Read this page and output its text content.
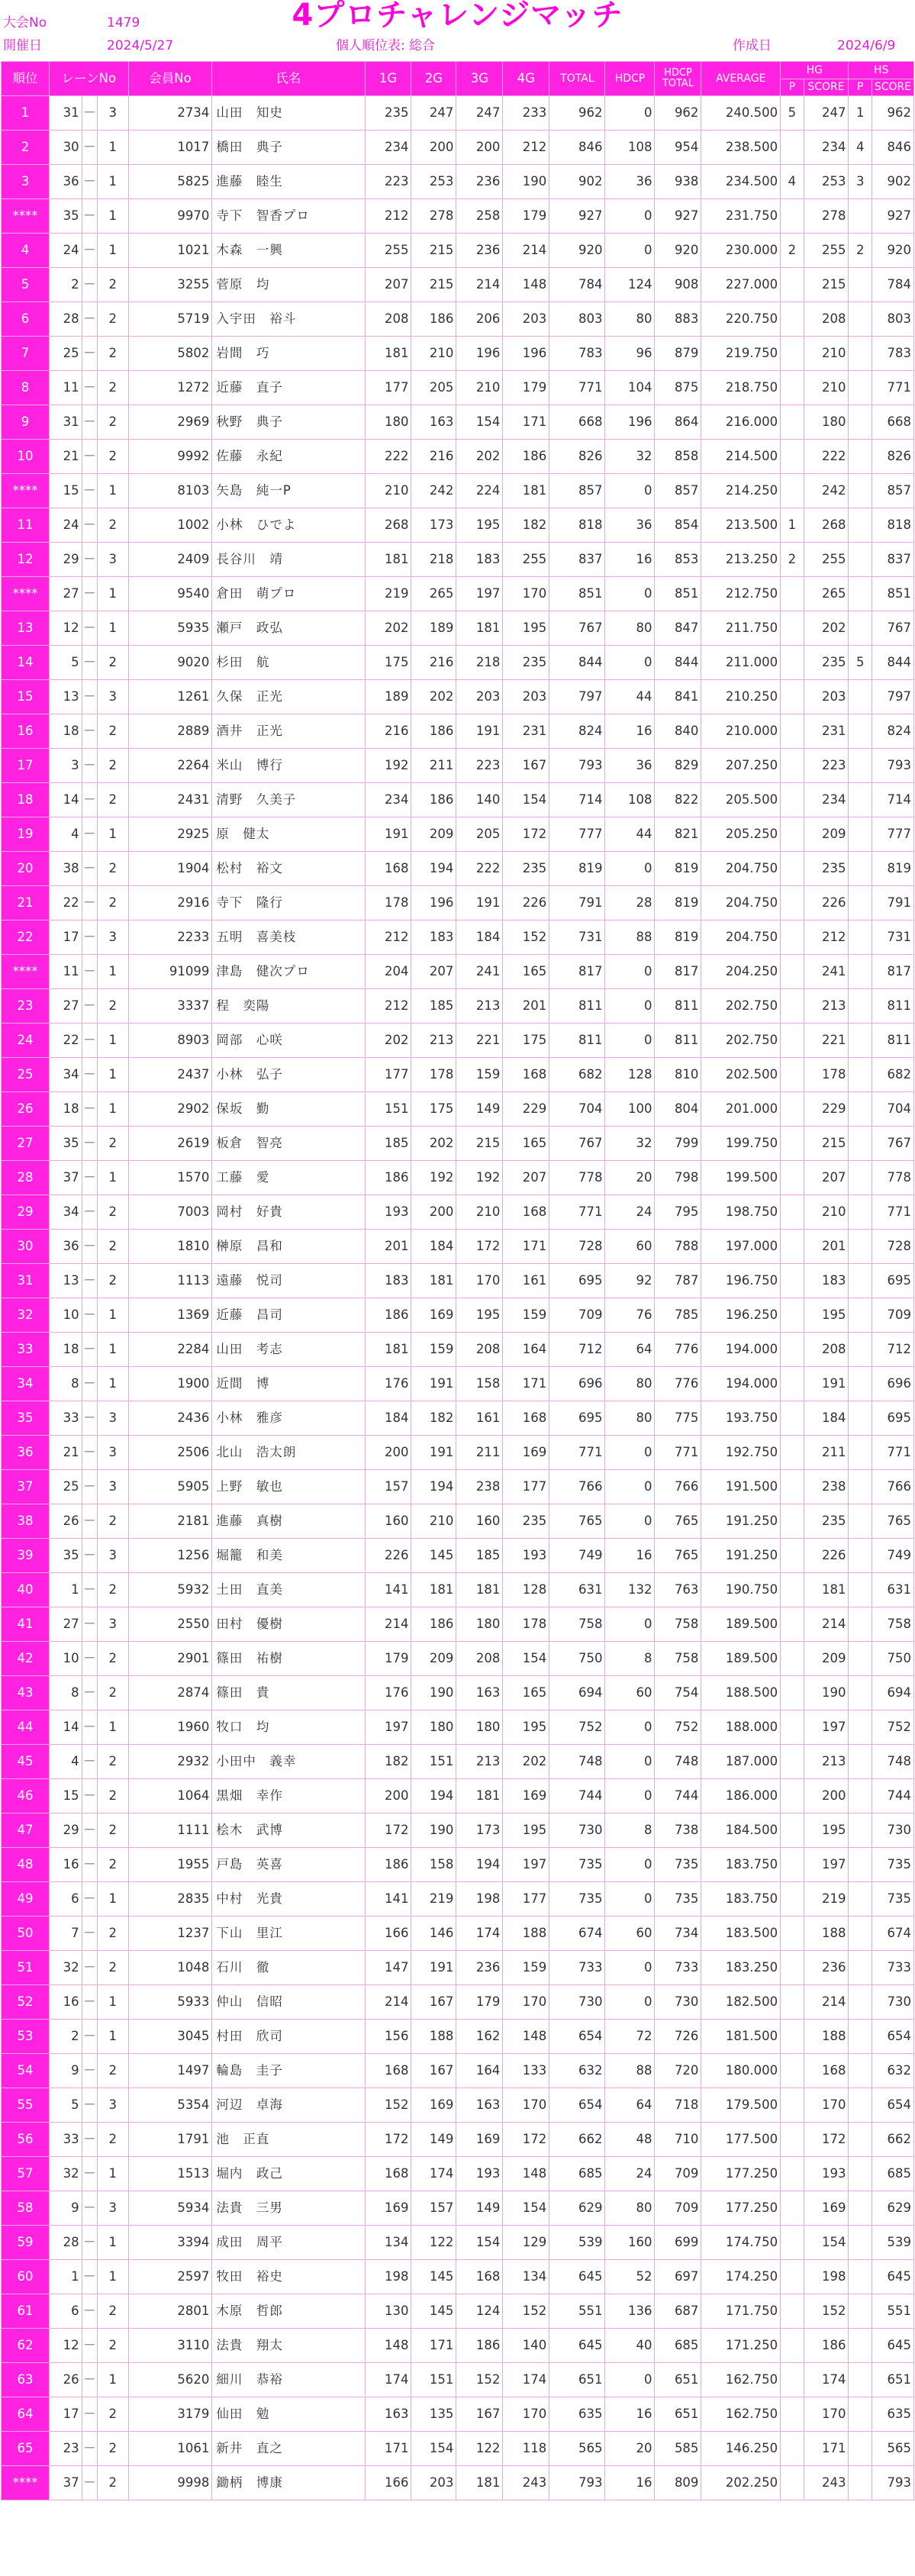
大会No	1479
開催日	2024/5/27
4プロチャレンジマッチ
個人順位表: 総合	作成日	2024/6/9
順位	レーンNo			会員No	氏名	1G	2G	3G	4G	TOTAL	HDCP	HDCP
TOTAL	AVERAGE	HG		HS	
														P	SCORE	P	SCORE
1	31	－	3	2734	山田　知史	235	247	247	233	962	0	962	240.500	5	247	1	962
2	30	－	1	1017	橋田　典子	234	200	200	212	846	108	954	238.500		234	4	846
3	36	－	1	5825	進藤　睦生	223	253	236	190	902	36	938	234.500	4	253	3	902
****	35	－	1	9970	寺下　智香プロ	212	278	258	179	927	0	927	231.750		278		927
4	24	－	1	1021	木森　一興	255	215	236	214	920	0	920	230.000	2	255	2	920
5	2	－	2	3255	菅原　均	207	215	214	148	784	124	908	227.000		215		784
6	28	－	2	5719	入宇田　裕斗	208	186	206	203	803	80	883	220.750		208		803
7	25	－	2	5802	岩間　巧	181	210	196	196	783	96	879	219.750		210		783
8	11	－	2	1272	近藤　直子	177	205	210	179	771	104	875	218.750		210		771
9	31	－	2	2969	秋野　典子	180	163	154	171	668	196	864	216.000		180		668
10	21	－	2	9992	佐藤　永紀	222	216	202	186	826	32	858	214.500		222		826
****	15	－	1	8103	矢島　純一P	210	242	224	181	857	0	857	214.250		242		857
11	24	－	2	1002	小林　ひでよ	268	173	195	182	818	36	854	213.500	1	268		818
12	29	－	3	2409	長谷川　靖	181	218	183	255	837	16	853	213.250	2	255		837
****	27	－	1	9540	倉田　萌プロ	219	265	197	170	851	0	851	212.750		265		851
13	12	－	1	5935	瀬戸　政弘	202	189	181	195	767	80	847	211.750		202		767
14	5	－	2	9020	杉田　航	175	216	218	235	844	0	844	211.000		235	5	844
15	13	－	3	1261	久保　正光	189	202	203	203	797	44	841	210.250		203		797
16	18	－	2	2889	酒井　正光	216	186	191	231	824	16	840	210.000		231		824
17	3	－	2	2264	米山　博行	192	211	223	167	793	36	829	207.250		223		793
18	14	－	2	2431	清野　久美子	234	186	140	154	714	108	822	205.500		234		714
19	4	－	1	2925	原　健太	191	209	205	172	777	44	821	205.250		209		777
20	38	－	2	1904	松村　裕文	168	194	222	235	819	0	819	204.750		235		819
21	22	－	2	2916	寺下　隆行	178	196	191	226	791	28	819	204.750		226		791
22	17	－	3	2233	五明　喜美枝	212	183	184	152	731	88	819	204.750		212		731
****	11	－	1	91099	津島　健次プロ	204	207	241	165	817	0	817	204.250		241		817
23	27	－	2	3337	程　奕陽	212	185	213	201	811	0	811	202.750		213		811
24	22	－	1	8903	岡部　心咲	202	213	221	175	811	0	811	202.750		221		811
25	34	－	1	2437	小林　弘子	177	178	159	168	682	128	810	202.500		178		682
26	18	－	1	2902	保坂　勤	151	175	149	229	704	100	804	201.000		229		704
27	35	－	2	2619	板倉　智亮	185	202	215	165	767	32	799	199.750		215		767
28	37	－	1	1570	工藤　愛	186	192	192	207	778	20	798	199.500		207		778
29	34	－	2	7003	岡村　好貴	193	200	210	168	771	24	795	198.750		210		771
30	36	－	2	1810	榊原　昌和	201	184	172	171	728	60	788	197.000		201		728
31	13	－	2	1113	遠藤　悦司	183	181	170	161	695	92	787	196.750		183		695
32	10	－	1	1369	近藤　昌司	186	169	195	159	709	76	785	196.250		195		709
33	18	－	1	2284	山田　考志	181	159	208	164	712	64	776	194.000		208		712
34	8	－	1	1900	近間　博	176	191	158	171	696	80	776	194.000		191		696
35	33	－	3	2436	小林　雅彦	184	182	161	168	695	80	775	193.750		184		695
36	21	－	3	2506	北山　浩太朗	200	191	211	169	771	0	771	192.750		211		771
37	25	－	3	5905	上野　敏也	157	194	238	177	766	0	766	191.500		238		766
38	26	－	2	2181	進藤　真樹	160	210	160	235	765	0	765	191.250		235		765
39	35	－	3	1256	堀籠　和美	226	145	185	193	749	16	765	191.250		226		749
40	1	－	2	5932	土田　直美	141	181	181	128	631	132	763	190.750		181		631
41	27	－	3	2550	田村　優樹	214	186	180	178	758	0	758	189.500		214		758
42	10	－	2	2901	篠田　祐樹	179	209	208	154	750	8	758	189.500		209		750
43	8	－	2	2874	篠田　貴	176	190	163	165	694	60	754	188.500		190		694
44	14	－	1	1960	牧口　均	197	180	180	195	752	0	752	188.000		197		752
45	4	－	2	2932	小田中　義幸	182	151	213	202	748	0	748	187.000		213		748
46	15	－	2	1064	黒畑　幸作	200	194	181	169	744	0	744	186.000		200		744
47	29	－	2	1111	桧木　武博	172	190	173	195	730	8	738	184.500		195		730
48	16	－	2	1955	戸島　英喜	186	158	194	197	735	0	735	183.750		197		735
49	6	－	1	2835	中村　光貴	141	219	198	177	735	0	735	183.750		219		735
50	7	－	2	1237	下山　里江	166	146	174	188	674	60	734	183.500		188		674
51	32	－	2	1048	石川　徹	147	191	236	159	733	0	733	183.250		236		733
52	16	－	1	5933	仲山　信昭	214	167	179	170	730	0	730	182.500		214		730
53	2	－	1	3045	村田　欣司	156	188	162	148	654	72	726	181.500		188		654
54	9	－	2	1497	輪島　圭子	168	167	164	133	632	88	720	180.000		168		632
55	5	－	3	5354	河辺　卓海	152	169	163	170	654	64	718	179.500		170		654
56	33	－	2	1791	池　正直	172	149	169	172	662	48	710	177.500		172		662
57	32	－	1	1513	堀内　政己	168	174	193	148	685	24	709	177.250		193		685
58	9	－	3	5934	法貴　三男	169	157	149	154	629	80	709	177.250		169		629
59	28	－	1	3394	成田　周平	134	122	154	129	539	160	699	174.750		154		539
60	1	－	1	2597	牧田　裕史	198	145	168	134	645	52	697	174.250		198		645
61	6	－	2	2801	木原　哲郎	130	145	124	152	551	136	687	171.750		152		551
62	12	－	2	3110	法貴　翔太	148	171	186	140	645	40	685	171.250		186		645
63	26	－	1	5620	細川　恭裕	174	151	152	174	651	0	651	162.750		174		651
64	17	－	2	3179	仙田　勉	163	135	167	170	635	16	651	162.750		170		635
65	23	－	2	1061	新井　直之	171	154	122	118	565	20	585	146.250		171		565
****	37	－	2	9998	鋤柄　博康	166	203	181	243	793	16	809	202.250		243		793
